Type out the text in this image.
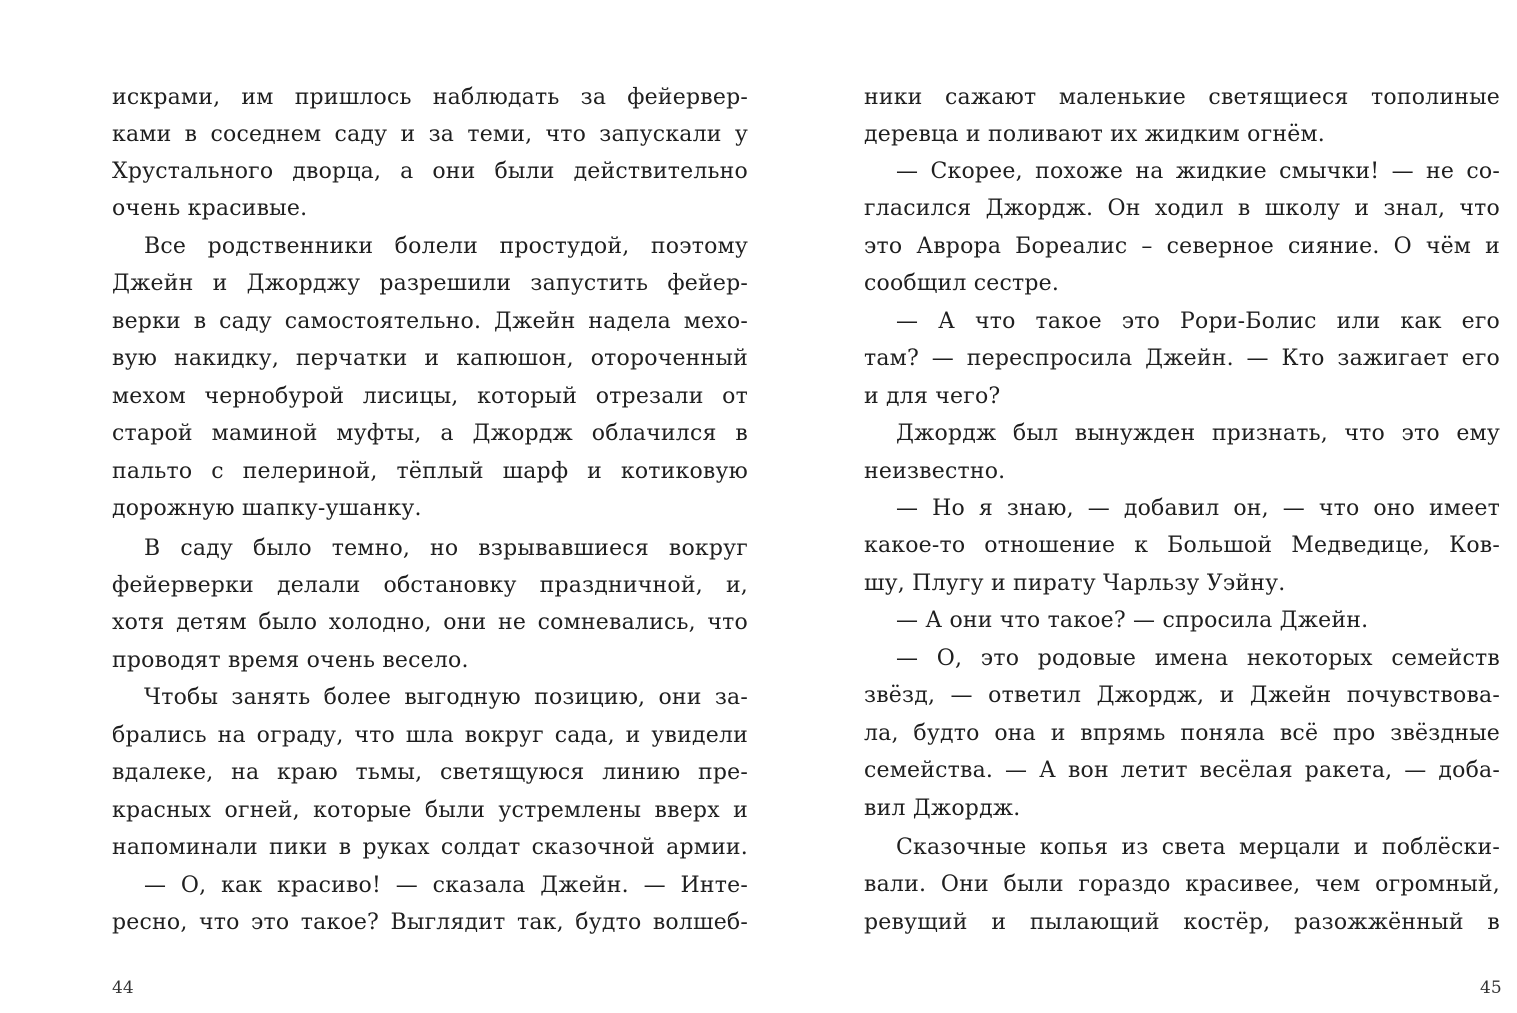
искрами, им пришлось наблюдать за фейервер-
ками в соседнем саду и за теми, что запускали у
Хрустального дворца, а они были действительно
очень красивые.
Все родственники болели простудой, поэтому
Джейн и Джорджу разрешили запустить фейер-
верки в саду самостоятельно. Джейн надела мехо-
вую накидку, перчатки и капюшон, отороченный
мехом чернобурой лисицы, который отрезали от
старой маминой муфты, а Джордж облачился в
пальто с пелериной, тёплый шарф и котиковую
дорожную шапку-ушанку.
В саду было темно, но взрывавшиеся вокруг
фейерверки делали обстановку праздничной, и,
хотя детям было холодно, они не сомневались, что
проводят время очень весело.
Чтобы занять более выгодную позицию, они за-
брались на ограду, что шла вокруг сада, и увидели
вдалеке, на краю тьмы, светящуюся линию пре-
красных огней, которые были устремлены вверх и
напоминали пики в руках солдат сказочной армии.
— О, как красиво! — сказала Джейн. — Инте-
ресно, что это такое? Выглядит так, будто волшеб-
44
ники сажают маленькие светящиеся тополиные
деревца и поливают их жидким огнём.
— Скорее, похоже на жидкие смычки! — не со-
гласился Джордж. Он ходил в школу и знал, что
это Аврора Бореалис – северное сияние. О чём и
сообщил сестре.
— А что такое это Рори-Болис или как его
там? — переспросила Джейн. — Кто зажигает его
и для чего?
Джордж был вынужден признать, что это ему
неизвестно.
— Но я знаю, — добавил он, — что оно имеет
какое-то отношение к Большой Медведице, Ков-
шу, Плугу и пирату Чарльзу Уэйну.
— А они что такое? — спросила Джейн.
— О, это родовые имена некоторых семейств
звёзд, — ответил Джордж, и Джейн почувствова-
ла, будто она и впрямь поняла всё про звёздные
семейства. — А вон летит весёлая ракета, — доба-
вил Джордж.
Сказочные копья из света мерцали и поблёски-
вали. Они были гораздо красивее, чем огромный,
ревущий и пылающий костёр, разожжённый в
45
